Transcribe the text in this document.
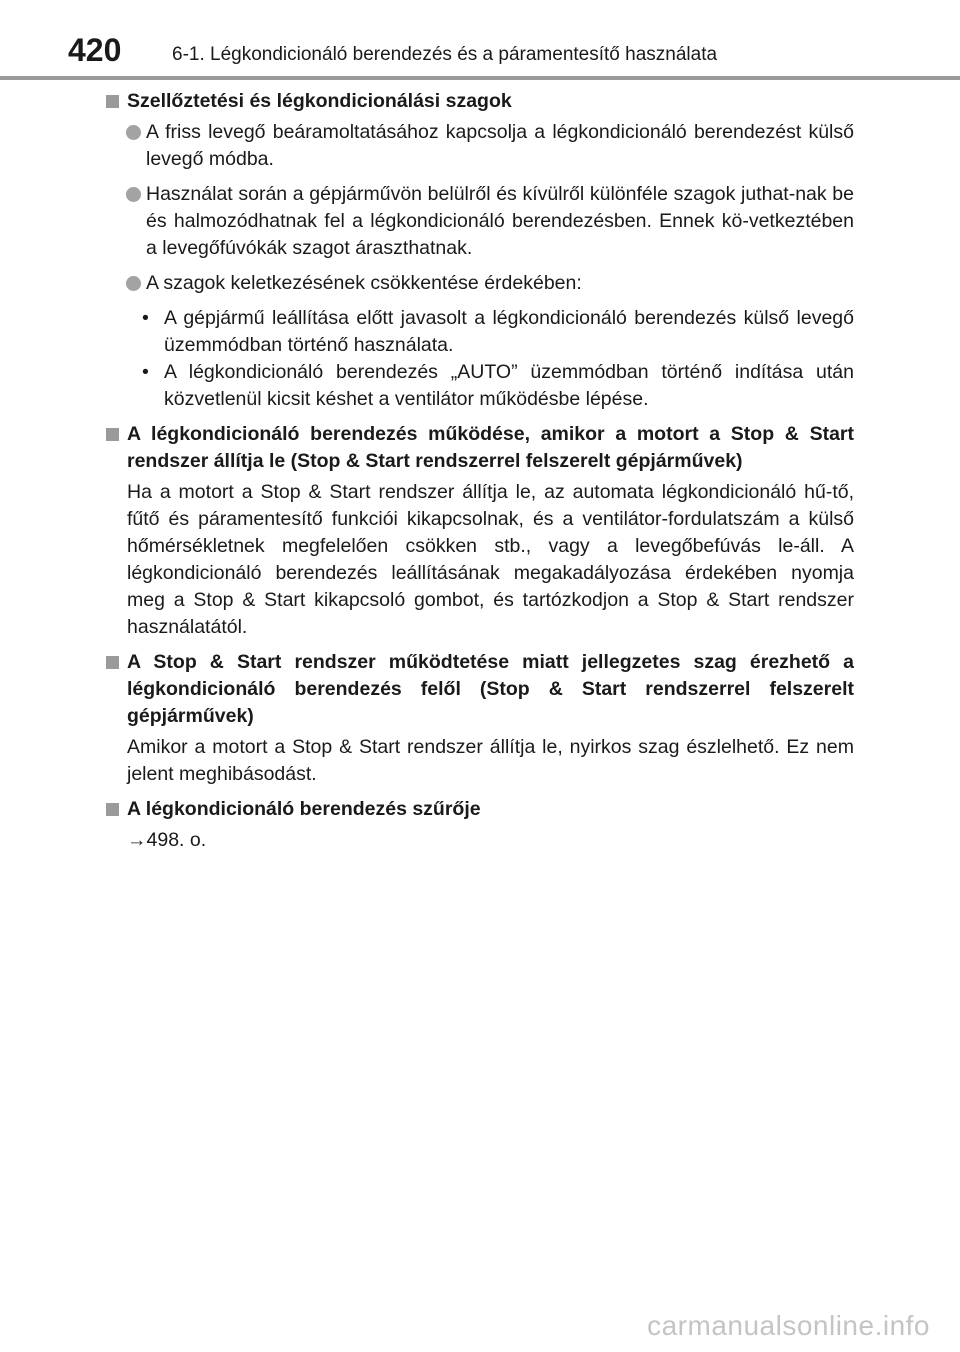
420	6-1. Légkondicionáló berendezés és a páramentesítő használata
Szellőztetési és légkondicionálási szagok
A friss levegő beáramoltatásához kapcsolja a légkondicionáló berendezést külső levegő módba.
Használat során a gépjárművön belülről és kívülről különféle szagok juthat-nak be és halmozódhatnak fel a légkondicionáló berendezésben. Ennek kö-vetkeztében a levegőfúvókák szagot áraszthatnak.
A szagok keletkezésének csökkentése érdekében:
• A gépjármű leállítása előtt javasolt a légkondicionáló berendezés külső levegő üzemmódban történő használata.
• A légkondicionáló berendezés „AUTO” üzemmódban történő indítása után közvetlenül kicsit késhet a ventilátor működésbe lépése.
A légkondicionáló berendezés működése, amikor a motort a Stop & Start rendszer állítja le (Stop & Start rendszerrel felszerelt gépjárművek)
Ha a motort a Stop & Start rendszer állítja le, az automata légkondicionáló hű-tő, fűtő és páramentesítő funkciói kikapcsolnak, és a ventilátor-fordulatszám a külső hőmérsékletnek megfelelően csökken stb., vagy a levegőbefúvás le-áll. A légkondicionáló berendezés leállításának megakadályozása érdekében nyomja meg a Stop & Start kikapcsoló gombot, és tartózkodjon a Stop & Start rendszer használatától.
A Stop & Start rendszer működtetése miatt jellegzetes szag érezhető a légkondicionáló berendezés felől (Stop & Start rendszerrel felszerelt gépjárművek)
Amikor a motort a Stop & Start rendszer állítja le, nyirkos szag észlelhető. Ez nem jelent meghibásodást.
A légkondicionáló berendezés szűrője
→498. o.
carmanualsonline.info
